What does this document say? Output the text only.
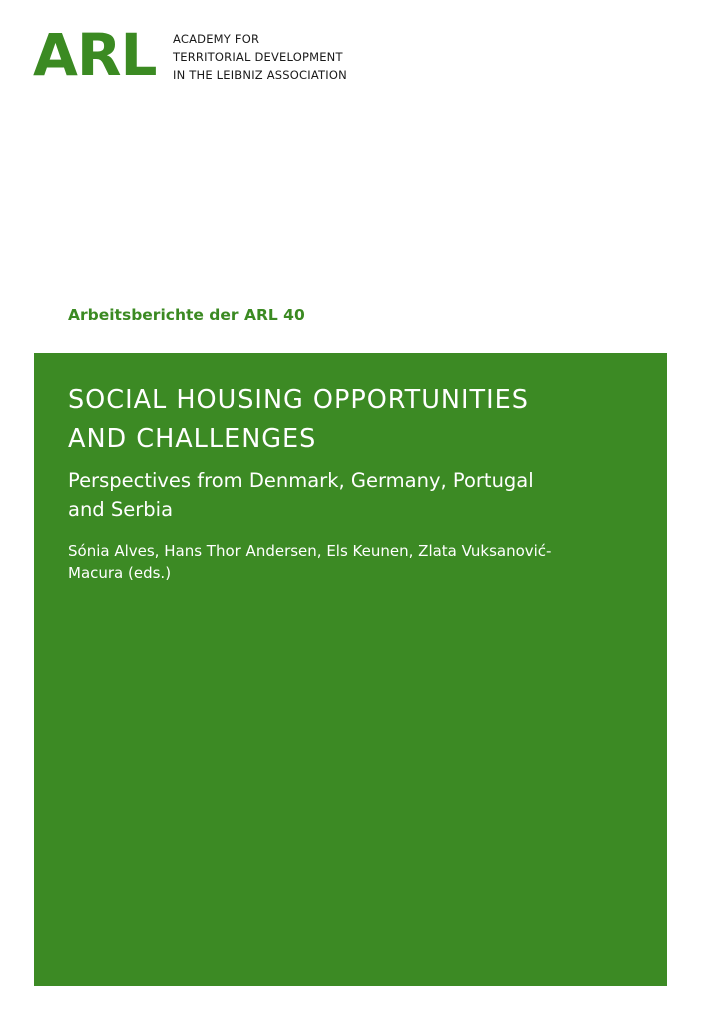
ARL ACADEMY FOR
TERRITORIAL DEVELOPMENT
IN THE LEIBNIZ ASSOCIATION
Arbeitsberichte der ARL 40
SOCIAL HOUSING OPPORTUNITIES
AND CHALLENGES
Perspectives from Denmark, Germany, Portugal
and Serbia
Sónia Alves, Hans Thor Andersen, Els Keunen, Zlata Vuksanović-
Macura (eds.)
